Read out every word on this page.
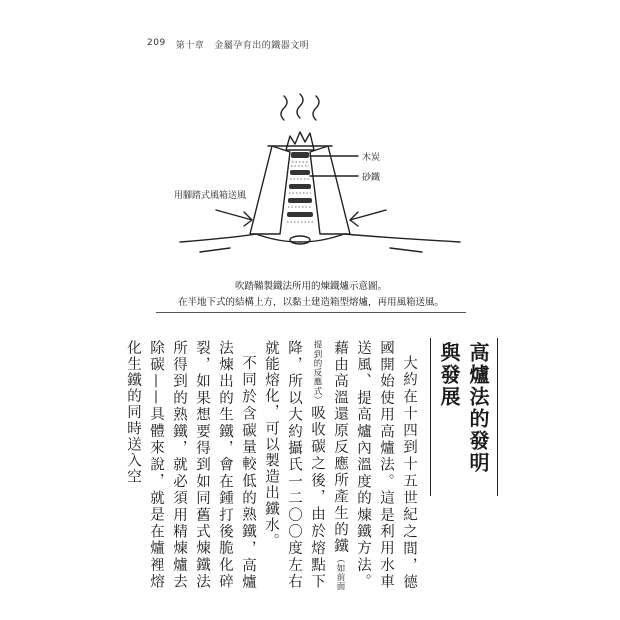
209 第十章 金屬孕育出的鐵器文明
木炭
砂鐵
用腳踏式風箱送風
吹踏鞴製鐵法所用的煉鐵爐示意圖。
在半地下式的結構上方，以黏土建造箱型熔爐，再用風箱送風。
高爐法的發明與發展

大約在十四到十五世紀之間，德國開始使用高爐法。這是利用水車送風、提高爐內溫度的煉鐵方法。藉由高溫還原反應所產生的鐵（如前面提到的反應式）吸收碳之後，由於熔點下降，所以大約攝氏一二〇〇度左右就能熔化，可以製造出鐵水。

不同於含碳量較低的熟鐵，高爐法煉出的生鐵，會在鍾打後脆化碎裂，如果想要得到如同舊式煉鐵法所得到的熟鐵，就必須用精煉爐去除碳——具體來說，就是在爐裡熔化生鐵的同時送入空
